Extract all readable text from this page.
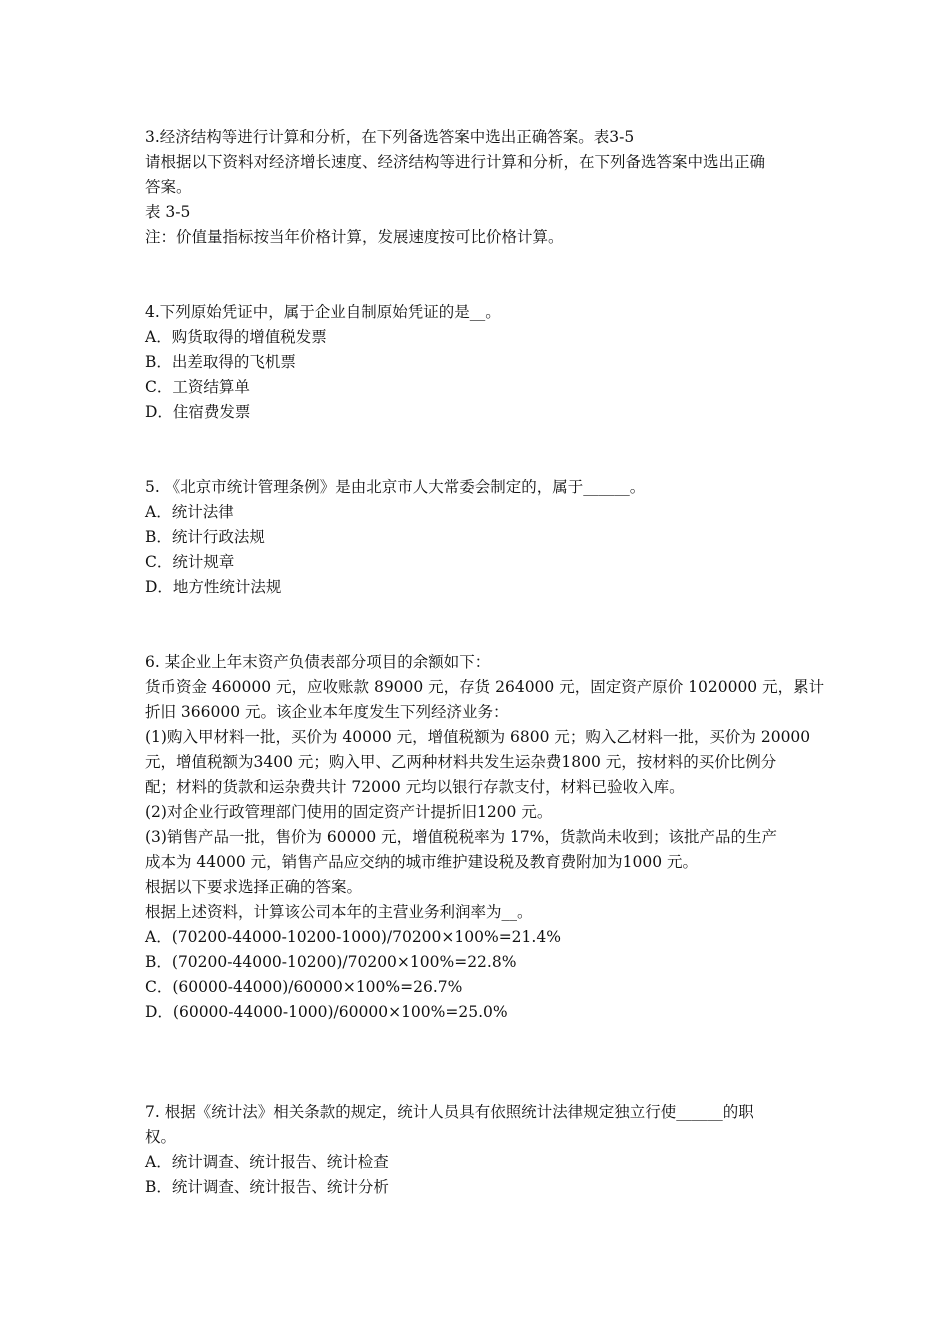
3.经济结构等进行计算和分析，在下列备选答案中选出正确答案。表3-5
请根据以下资料对经济增长速度、经济结构等进行计算和分析，在下列备选答案中选出正确
答案。
表 3-5
注：价值量指标按当年价格计算，发展速度按可比价格计算。
4.下列原始凭证中，属于企业自制原始凭证的是__。
A．购货取得的增值税发票
B．出差取得的飞机票
C．工资结算单
D．住宿费发票
5. 《北京市统计管理条例》是由北京市人大常委会制定的，属于______。
A．统计法律
B．统计行政法规
C．统计规章
D．地方性统计法规
6. 某企业上年末资产负债表部分项目的余额如下：
货币资金 460000 元，应收账款 89000 元，存货 264000 元，固定资产原价 1020000 元，累计
折旧 366000 元。该企业本年度发生下列经济业务：
(1)购入甲材料一批，买价为 40000 元，增值税额为 6800 元；购入乙材料一批，买价为 20000
元，增值税额为3400 元；购入甲、乙两种材料共发生运杂费1800 元，按材料的买价比例分
配；材料的货款和运杂费共计 72000 元均以银行存款支付，材料已验收入库。
(2)对企业行政管理部门使用的固定资产计提折旧1200 元。
(3)销售产品一批，售价为 60000 元，增值税税率为 17%，货款尚未收到；该批产品的生产
成本为 44000 元，销售产品应交纳的城市维护建设税及教育费附加为1000 元。
根据以下要求选择正确的答案。
根据上述资料，计算该公司本年的主营业务利润率为__。
A．(70200-44000-10200-1000)/70200×100%=21.4%
B．(70200-44000-10200)/70200×100%=22.8%
C．(60000-44000)/60000×100%=26.7%
D．(60000-44000-1000)/60000×100%=25.0%
7. 根据《统计法》相关条款的规定，统计人员具有依照统计法律规定独立行使______的职
权。
A．统计调查、统计报告、统计检查
B．统计调查、统计报告、统计分析
